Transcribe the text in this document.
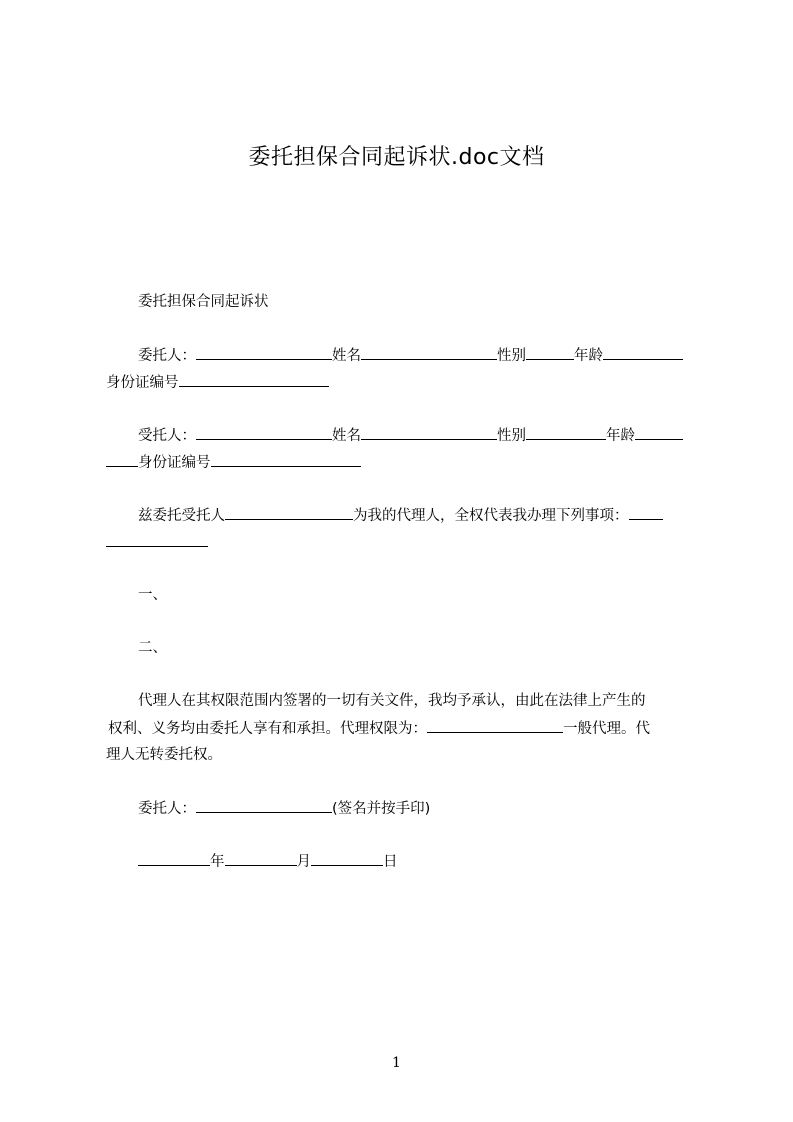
委托担保合同起诉状.doc文档
委托担保合同起诉状
委托人：	姓名	性别	年龄
身份证编号
受托人：	姓名	性别	年龄
身份证编号
兹委托受托人	为我的代理人，全权代表我办理下列事项：
一、
二、
代理人在其权限范围内签署的一切有关文件，我均予承认，由此在法律上产生的
权利、义务均由委托人享有和承担。代理权限为：	一般代理。代
理人无转委托权。
委托人：	(签名并按手印)
年	月	日
1
